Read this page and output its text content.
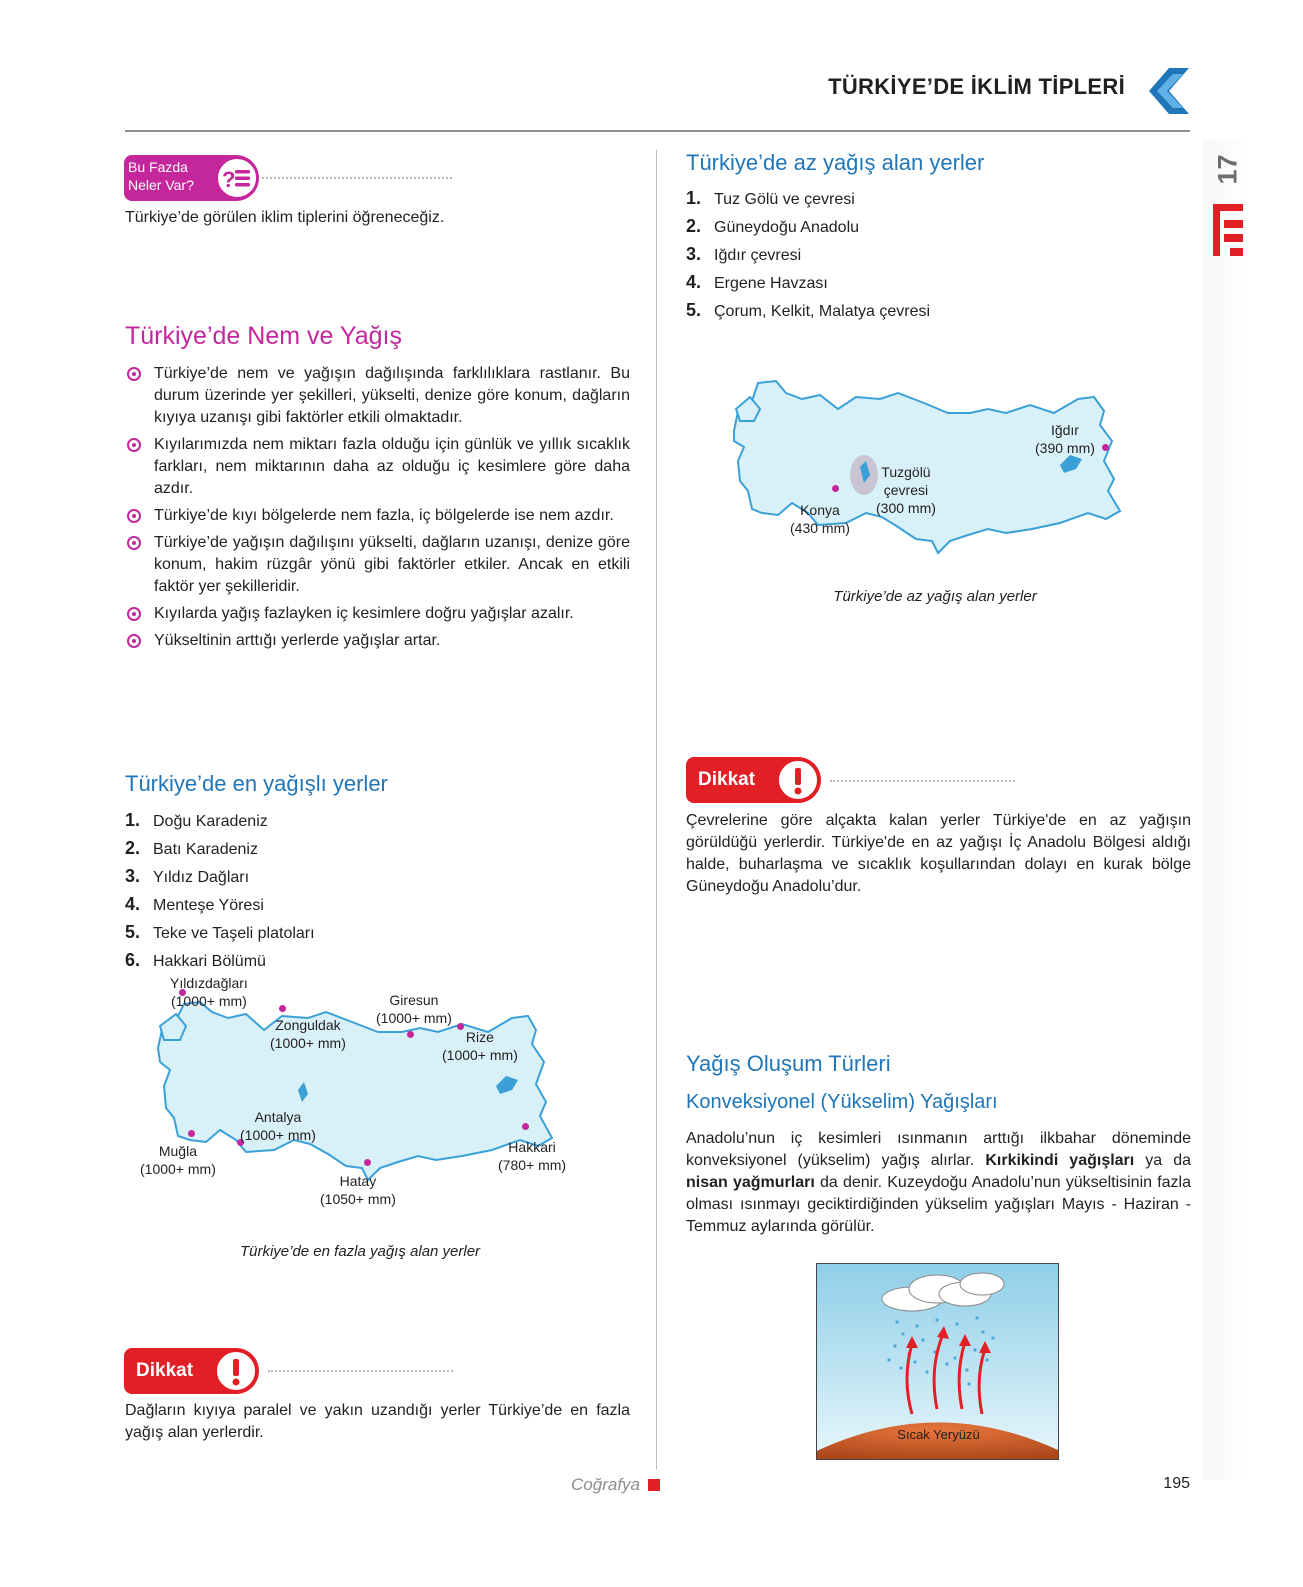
TÜRKİYE’DE İKLİM TİPLERİ
17
Bu Fazda
Neler Var?	?
Türkiye’de görülen iklim tiplerini öğreneceğiz.
Türkiye’de Nem ve Yağış
Türkiye’de nem ve yağışın dağılışında farklılıklara rastlanır. Bu durum üzerinde yer şekilleri, yükselti, denize göre konum, dağların kıyıya uzanışı gibi faktörler etkili olmaktadır.
Kıyılarımızda nem miktarı fazla olduğu için günlük ve yıllık sıcaklık farkları, nem miktarının daha az olduğu iç kesimlere göre daha azdır.
Türkiye’de kıyı bölgelerde nem fazla, iç bölgelerde ise nem azdır.
Türkiye’de yağışın dağılışını yükselti, dağların uzanışı, denize göre konum, hakim rüzgâr yönü gibi faktörler etkiler. Ancak en etkili faktör yer şekilleridir.
Kıyılarda yağış fazlayken iç kesimlere doğru yağışlar azalır.
Yükseltinin arttığı yerlerde yağışlar artar.
Türkiye’de en yağışlı yerler
1. Doğu Karadeniz
2. Batı Karadeniz
3. Yıldız Dağları
4. Menteşe Yöresi
5. Teke ve Taşeli platoları
6. Hakkari Bölümü
Yıldızdağları
(1000+ mm)
Zonguldak
(1000+ mm)
Giresun
(1000+ mm)
Rize
(1000+ mm)
Antalya
(1000+ mm)
Muğla
(1000+ mm)
Hatay
(1050+ mm)
Hakkari
(780+ mm)
Türkiye’de en fazla yağış alan yerler
Dikkat
Dağların kıyıya paralel ve yakın uzandığı yerler Türkiye’de en fazla yağış alan yerlerdir.
Türkiye’de az yağış alan yerler
1. Tuz Gölü ve çevresi
2. Güneydoğu Anadolu
3. Iğdır çevresi
4. Ergene Havzası
5. Çorum, Kelkit, Malatya çevresi
Iğdır
(390 mm)
Tuzgölü
çevresi
(300 mm)
Konya
(430 mm)
Türkiye’de az yağış alan yerler
Dikkat
Çevrelerine göre alçakta kalan yerler Türkiye'de en az yağışın görüldüğü yerlerdir. Türkiye'de en az yağışı İç Anadolu Bölgesi aldığı halde, buharlaşma ve sıcaklık koşullarından dolayı en kurak bölge Güneydoğu Anadolu’dur.
Yağış Oluşum Türleri
Konveksiyonel (Yükselim) Yağışları
Anadolu’nun iç kesimleri ısınmanın arttığı ilkbahar döneminde konveksiyonel (yükselim) yağış alırlar. Kırkikindi yağışları ya da nisan yağmurları da denir. Kuzeydoğu Anadolu’nun yükseltisinin fazla olması ısınmayı geciktirdiğinden yükselim yağışları Mayıs - Haziran - Temmuz aylarında görülür.
Sıcak Yeryüzü
Coğrafya	195
